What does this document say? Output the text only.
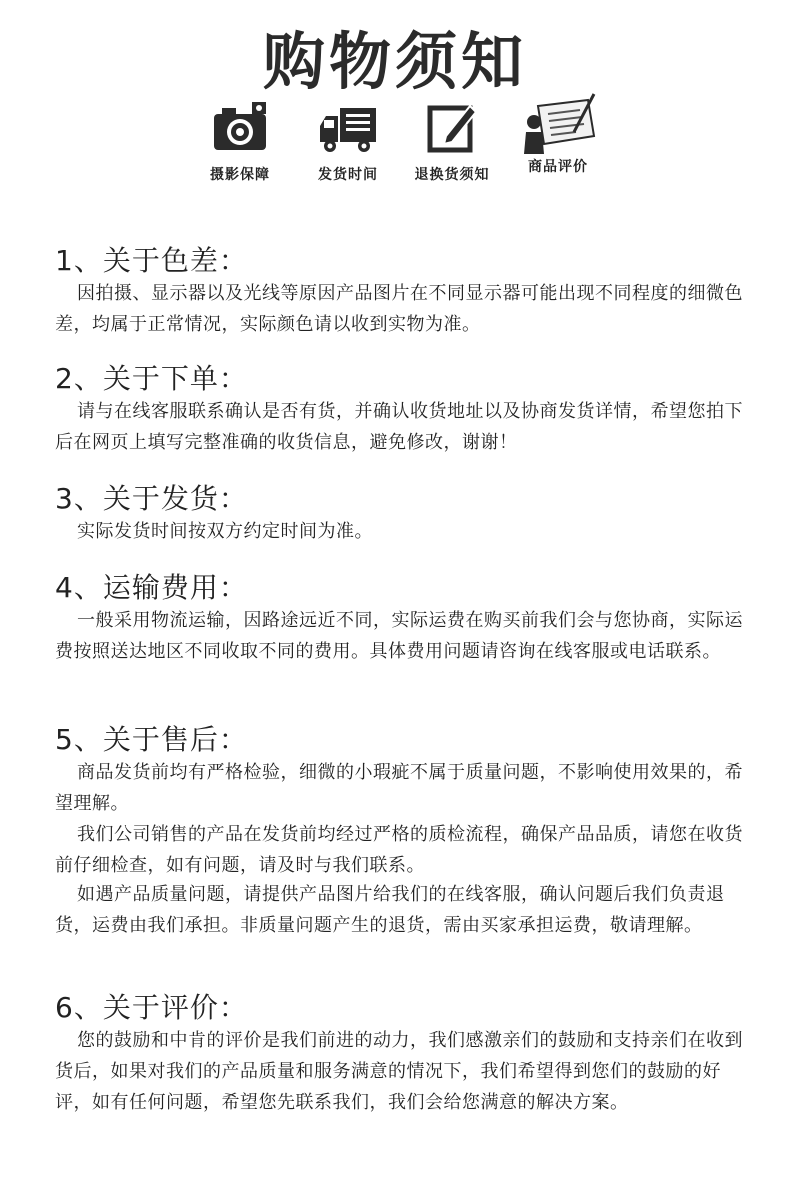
购物须知
摄影保障	发货时间	退换货须知	商品评价
1、关于色差：
因拍摄、显示器以及光线等原因产品图片在不同显示器可能出现不同程度的细微色差，均属于正常情况，实际颜色请以收到实物为准。
2、关于下单：
请与在线客服联系确认是否有货，并确认收货地址以及协商发货详情，希望您拍下后在网页上填写完整准确的收货信息，避免修改，谢谢！
3、关于发货：
实际发货时间按双方约定时间为准。
4、运输费用：
一般采用物流运输，因路途远近不同，实际运费在购买前我们会与您协商，实际运费按照送达地区不同收取不同的费用。具体费用问题请咨询在线客服或电话联系。
5、关于售后：
商品发货前均有严格检验，细微的小瑕疵不属于质量问题，不影响使用效果的，希望理解。
我们公司销售的产品在发货前均经过严格的质检流程，确保产品品质，请您在收货前仔细检查，如有问题，请及时与我们联系。
如遇产品质量问题，请提供产品图片给我们的在线客服，确认问题后我们负责退货，运费由我们承担。非质量问题产生的退货，需由买家承担运费，敬请理解。
6、关于评价：
您的鼓励和中肯的评价是我们前进的动力，我们感激亲们的鼓励和支持亲们在收到货后，如果对我们的产品质量和服务满意的情况下，我们希望得到您们的鼓励的好评，如有任何问题，希望您先联系我们，我们会给您满意的解决方案。
